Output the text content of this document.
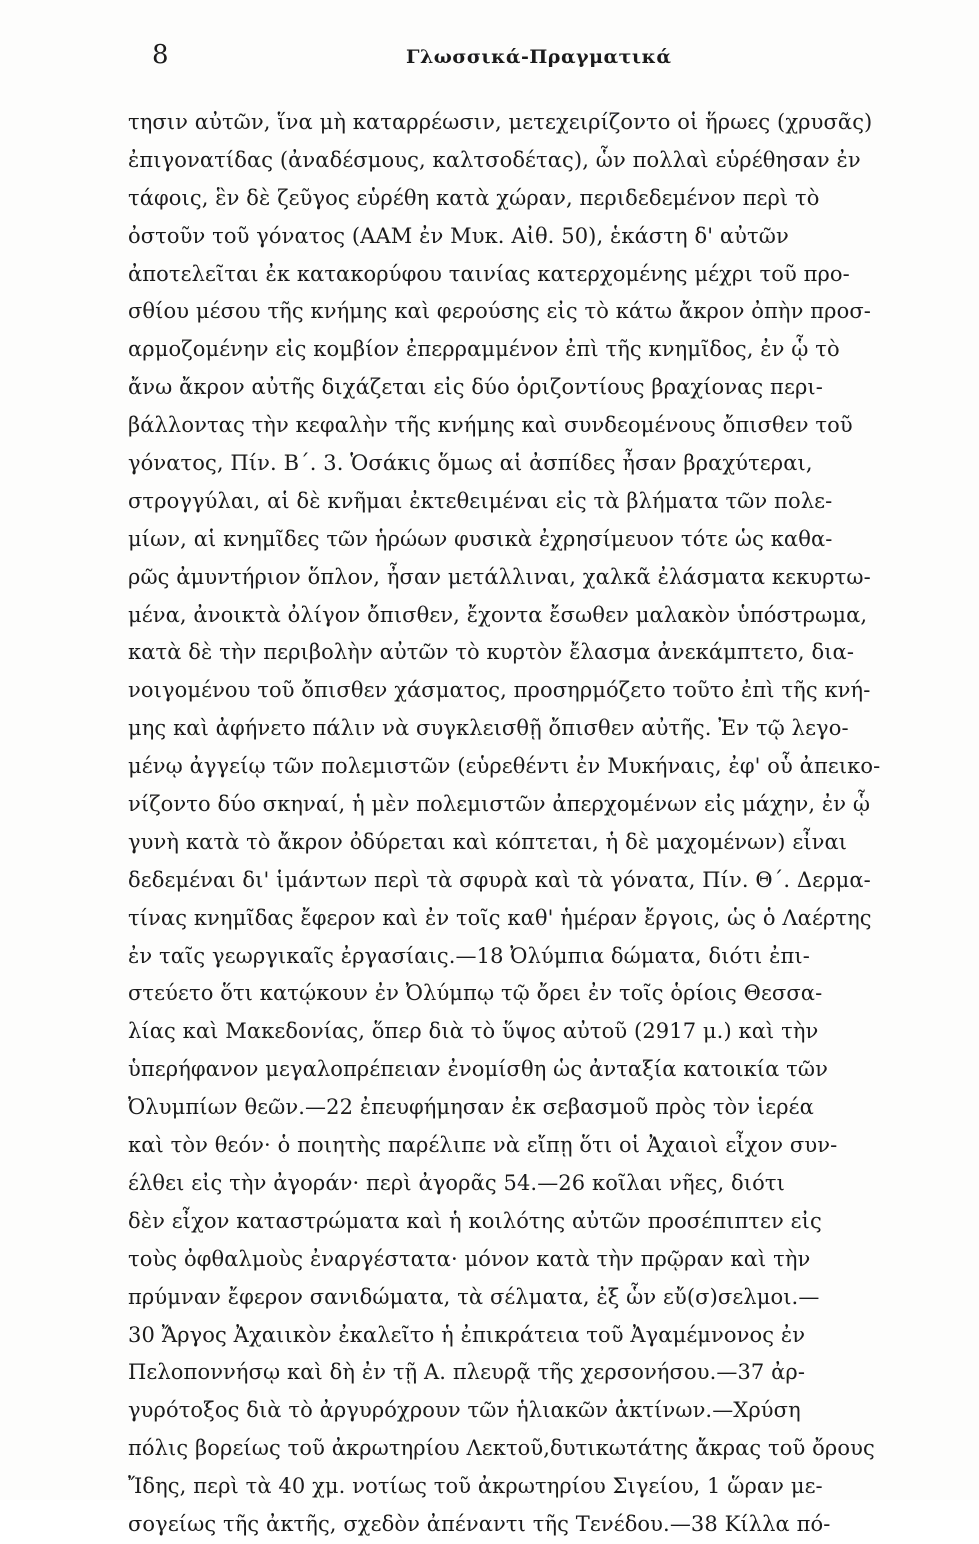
8	Γλωσσικά-Πραγματικά
τησιν αὐτῶν, ἵνα μὴ καταρρέωσιν, μετεχειρίζοντο οἱ ἥρωες (χρυσᾶς)
ἐπιγονατίδας (ἀναδέσμους, καλτσοδέτας), ὧν πολλαὶ εὑρέθησαν ἐν
τάφοις, ἓν δὲ ζεῦγος εὑρέθη κατὰ χώραν, περιδεδεμένον περὶ τὸ
ὀστοῦν τοῦ γόνατος (ΑΑΜ ἐν Μυκ. Αἰθ. 50), ἑκάστη δ' αὐτῶν
ἀποτελεῖται ἐκ κατακορύφου ταινίας κατερχομένης μέχρι τοῦ προ-
σθίου μέσου τῆς κνήμης καὶ φερούσης εἰς τὸ κάτω ἄκρον ὀπὴν προσ-
αρμοζομένην εἰς κομβίον ἐπερραμμένον ἐπὶ τῆς κνημῖδος, ἐν ᾧ τὸ
ἄνω ἄκρον αὐτῆς διχάζεται εἰς δύο ὁριζοντίους βραχίονας περι-
βάλλοντας τὴν κεφαλὴν τῆς κνήμης καὶ συνδεομένους ὄπισθεν τοῦ
γόνατος, Πίν. Β΄. 3. Ὁσάκις ὅμως αἱ ἀσπίδες ἦσαν βραχύτεραι,
στρογγύλαι, αἱ δὲ κνῆμαι ἐκτεθειμέναι εἰς τὰ βλήματα τῶν πολε-
μίων, αἱ κνημῖδες τῶν ἡρώων φυσικὰ ἐχρησίμευον τότε ὡς καθα-
ρῶς ἀμυντήριον ὅπλον, ἦσαν μετάλλιναι, χαλκᾶ ἐλάσματα κεκυρτω-
μένα, ἀνοικτὰ ὀλίγον ὄπισθεν, ἔχοντα ἔσωθεν μαλακὸν ὑπόστρωμα,
κατὰ δὲ τὴν περιβολὴν αὐτῶν τὸ κυρτὸν ἔλασμα ἀνεκάμπτετο, δια-
νοιγομένου τοῦ ὄπισθεν χάσματος, προσηρμόζετο τοῦτο ἐπὶ τῆς κνή-
μης καὶ ἀφήνετο πάλιν νὰ συγκλεισθῇ ὄπισθεν αὐτῆς. Ἐν τῷ λεγο-
μένῳ ἀγγείῳ τῶν πολεμιστῶν (εὑρεθέντι ἐν Μυκήναις, ἐφ' οὗ ἀπεικο-
νίζοντο δύο σκηναί, ἡ μὲν πολεμιστῶν ἀπερχομένων εἰς μάχην, ἐν ᾧ
γυνὴ κατὰ τὸ ἄκρον ὀδύρεται καὶ κόπτεται, ἡ δὲ μαχομένων) εἶναι
δεδεμέναι δι' ἱμάντων περὶ τὰ σφυρὰ καὶ τὰ γόνατα, Πίν. Θ΄. Δερμα-
τίνας κνημῖδας ἔφερον καὶ ἐν τοῖς καθ' ἡμέραν ἔργοις, ὡς ὁ Λαέρτης
ἐν ταῖς γεωργικαῖς ἐργασίαις.—18 Ὀλύμπια δώματα, διότι ἐπι-
στεύετο ὅτι κατῴκουν ἐν Ὀλύμπῳ τῷ ὄρει ἐν τοῖς ὁρίοις Θεσσα-
λίας καὶ Μακεδονίας, ὅπερ διὰ τὸ ὕψος αὐτοῦ (2917 μ.) καὶ τὴν
ὑπερήφανον μεγαλοπρέπειαν ἐνομίσθη ὡς ἀνταξία κατοικία τῶν
Ὀλυμπίων θεῶν.—22 ἐπευφήμησαν ἐκ σεβασμοῦ πρὸς τὸν ἱερέα
καὶ τὸν θεόν· ὁ ποιητὴς παρέλιπε νὰ εἴπῃ ὅτι οἱ Ἀχαιοὶ εἶχον συν-
έλθει εἰς τὴν ἀγοράν· περὶ ἀγορᾶς 54.—26 κοῖλαι νῆες, διότι
δὲν εἶχον καταστρώματα καὶ ἡ κοιλότης αὐτῶν προσέπιπτεν εἰς
τοὺς ὀφθαλμοὺς ἐναργέστατα· μόνον κατὰ τὴν πρῷραν καὶ τὴν
πρύμναν ἔφερον σανιδώματα, τὰ σέλματα, ἐξ ὧν εὔ(σ)σελμοι.—
30 Ἄργος Ἀχαιικὸν ἐκαλεῖτο ἡ ἐπικράτεια τοῦ Ἀγαμέμνονος ἐν
Πελοποννήσῳ καὶ δὴ ἐν τῇ Α. πλευρᾷ τῆς χερσονήσου.—37 ἀρ-
γυρότοξος διὰ τὸ ἀργυρόχρουν τῶν ἡλιακῶν ἀκτίνων.—Χρύση
πόλις βορείως τοῦ ἀκρωτηρίου Λεκτοῦ,δυτικωτάτης ἄκρας τοῦ ὄρους
Ἴδης, περὶ τὰ 40 χμ. νοτίως τοῦ ἀκρωτηρίου Σιγείου, 1 ὥραν με-
σογείως τῆς ἀκτῆς, σχεδὸν ἀπέναντι τῆς Τενέδου.—38 Κίλλα πό-
